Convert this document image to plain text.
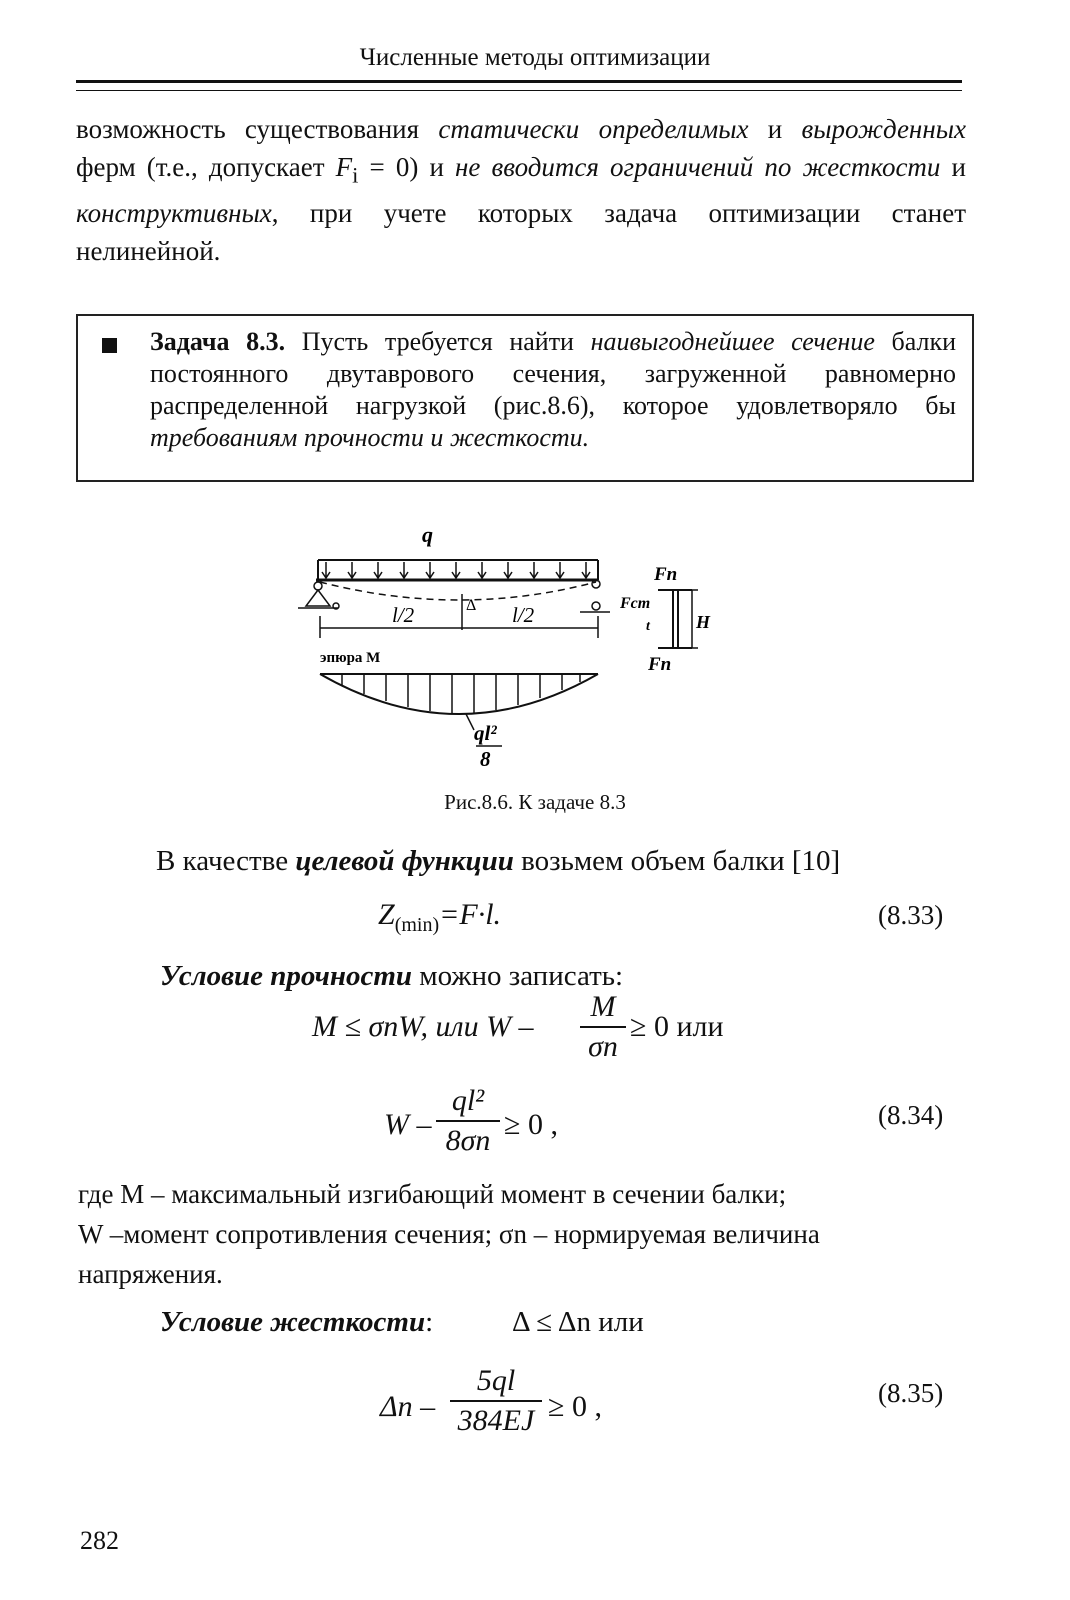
Численные методы оптимизации
возможность существования статически определимых и вырожденных ферм (т.е., допускает $F_i = 0$) и не вводится ограничений по жесткости и конструктивных, при учете которых задача оптимизации станет нелинейной.
Задача 8.3. Пусть требуется найти наивыгоднейшее сечение балки постоянного двутаврового сечения, загруженной равномерно распределенной нагрузкой (рис.8.6), которое удовлетворяло бы требованиям прочности и жесткости.
q
Δ
l/2	l/2
эпюра M
ql²
8
Fn
Fcm
t	H
Fn
Рис.8.6. К задаче 8.3
В качестве целевой функции возьмем объем балки [10]
$Z_{(min)}=F\cdot l$.	(8.33)
Условие прочности можно записать:
M ≤ σnW, или W –
M
σn
≥ 0 или
W –
ql²
8σn ≥ 0 ,	(8.34)
где M – максимальный изгибающий момент в сечении балки;
W –момент сопротивления сечения; σn – нормируемая величина
напряжения.
Условие жесткости:	Δ ≤ Δn или
Δn –
5ql
384EJ ≥ 0 ,	(8.35)
282
